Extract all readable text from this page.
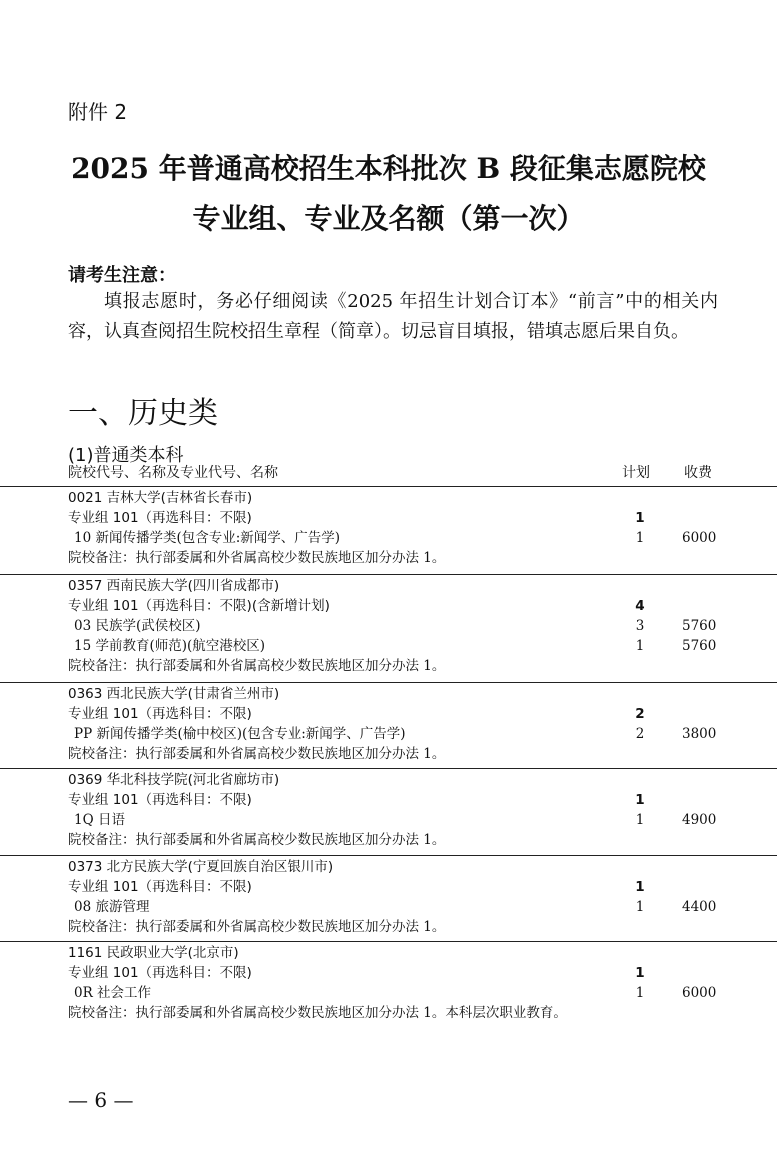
附件 2
2025 年普通高校招生本科批次 B 段征集志愿院校
专业组、专业及名额（第一次）
请考生注意：
填报志愿时，务必仔细阅读《2025 年招生计划合订本》“前言”中的相关内容，认真查阅招生院校招生章程（简章）。切忌盲目填报，错填志愿后果自负。
一、历史类
(1)普通类本科
院校代号、名称及专业代号、名称	计划 收费
0021 吉林大学(吉林省长春市)
专业组 101（再选科目：不限)	1
10 新闻传播学类(包含专业:新闻学、广告学)	1	6000
院校备注：执行部委属和外省属高校少数民族地区加分办法 1。
0357 西南民族大学(四川省成都市)
专业组 101（再选科目：不限)(含新增计划)	4
03 民族学(武侯校区)	3	5760
15 学前教育(师范)(航空港校区)	1	5760
院校备注：执行部委属和外省属高校少数民族地区加分办法 1。
0363 西北民族大学(甘肃省兰州市)
专业组 101（再选科目：不限)	2
PP 新闻传播学类(榆中校区)(包含专业:新闻学、广告学)	2	3800
院校备注：执行部委属和外省属高校少数民族地区加分办法 1。
0369 华北科技学院(河北省廊坊市)
专业组 101（再选科目：不限)	1
1Q 日语	1	4900
院校备注：执行部委属和外省属高校少数民族地区加分办法 1。
0373 北方民族大学(宁夏回族自治区银川市)
专业组 101（再选科目：不限)	1
08 旅游管理	1	4400
院校备注：执行部委属和外省属高校少数民族地区加分办法 1。
1161 民政职业大学(北京市)
专业组 101（再选科目：不限)	1
0R 社会工作	1	6000
院校备注：执行部委属和外省属高校少数民族地区加分办法 1。本科层次职业教育。
— 6 —
